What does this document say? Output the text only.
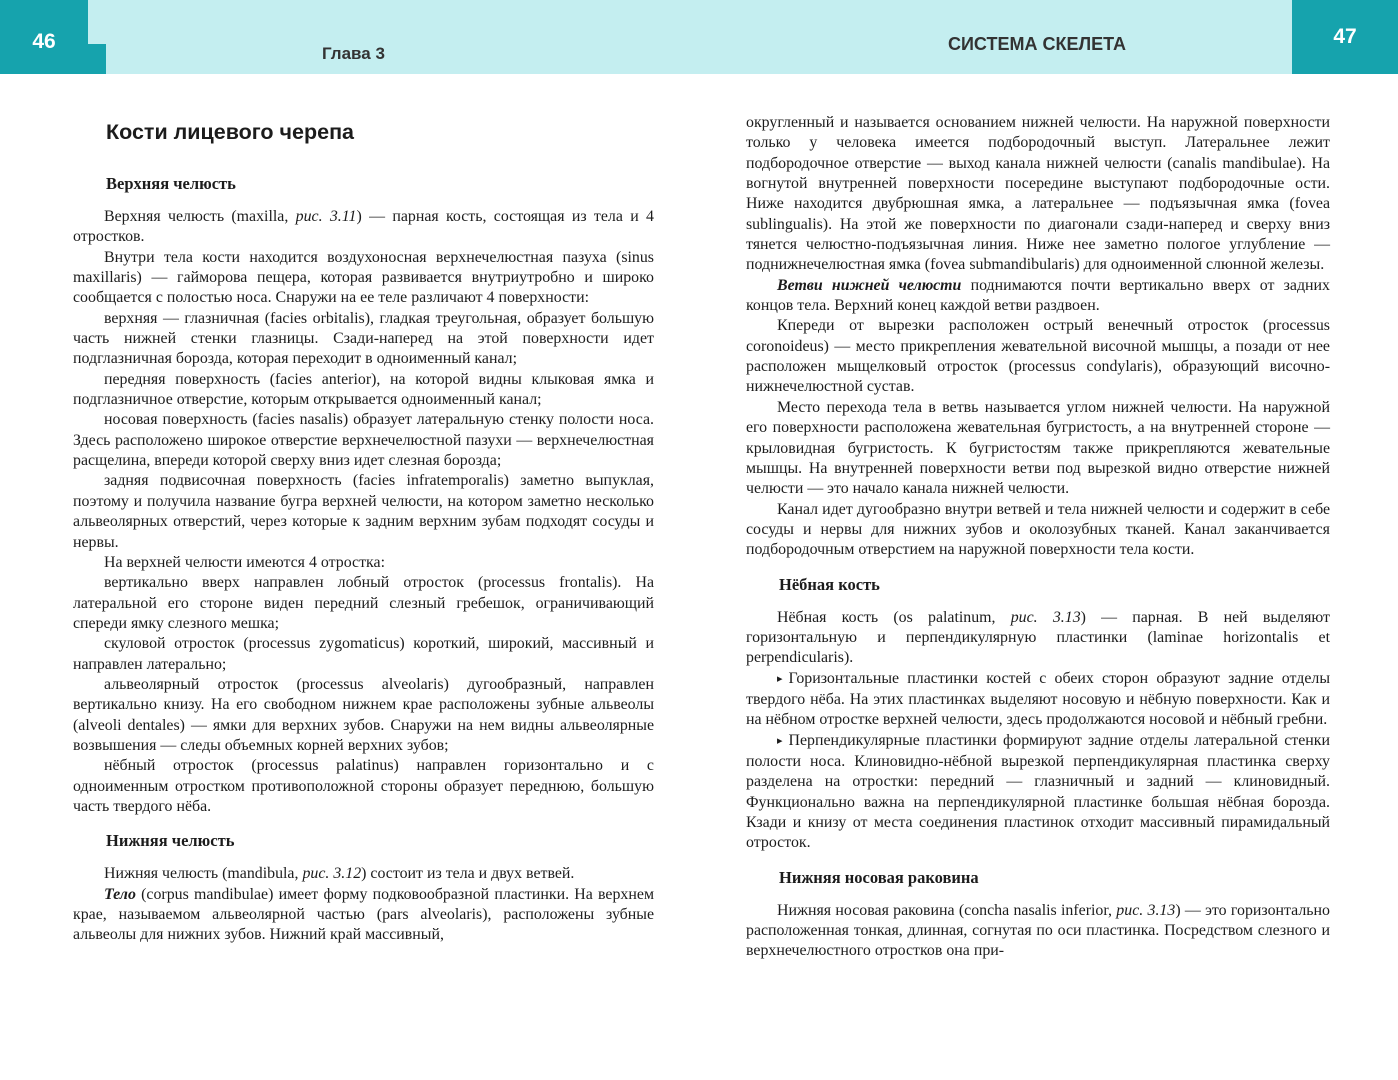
46
Глава 3	СИСТЕМА СКЕЛЕТА	47
Кости лицевого черепа
Верхняя челюсть

Верхняя челюсть (maxilla, рис. 3.11) — парная кость, состоящая из тела и 4 отростков.

Внутри тела кости находится воздухоносная верхнечелюстная пазуха (sinus maxillaris) — гайморова пещера, которая развивается внутриутробно и широко сообщается с полостью носа. Снаружи на ее теле различают 4 поверхности:

верхняя — глазничная (facies orbitalis), гладкая треугольная, образует большую часть нижней стенки глазницы. Сзади-наперед на этой поверхности идет подглазничная борозда, которая переходит в одноименный канал;

передняя поверхность (facies anterior), на которой видны клыковая ямка и подглазничное отверстие, которым открывается одноименный канал;

носовая поверхность (facies nasalis) образует латеральную стенку полости носа. Здесь расположено широкое отверстие верхнечелюстной пазухи — верхнечелюстная расщелина, впереди которой сверху вниз идет слезная борозда;

задняя подвисочная поверхность (facies infratemporalis) заметно выпуклая, поэтому и получила название бугра верхней челюсти, на котором заметно несколько альвеолярных отверстий, через которые к задним верхним зубам подходят сосуды и нервы.

На верхней челюсти имеются 4 отростка:

вертикально вверх направлен лобный отросток (processus frontalis). На латеральной его стороне виден передний слезный гребешок, ограничивающий спереди ямку слезного мешка;

скуловой отросток (processus zygomaticus) короткий, широкий, массивный и направлен латерально;

альвеолярный отросток (processus alveolaris) дугообразный, направлен вертикально книзу. На его свободном нижнем крае расположены зубные альвеолы (alveoli dentales) — ямки для верхних зубов. Снаружи на нем видны альвеолярные возвышения — следы объемных корней верхних зубов;

нёбный отросток (processus palatinus) направлен горизонтально и с одноименным отростком противоположной стороны образует переднюю, большую часть твердого нёба.

Нижняя челюсть

Нижняя челюсть (mandibula, рис. 3.12) состоит из тела и двух ветвей.

Тело (corpus mandibulae) имеет форму подковообразной пластинки. На верхнем крае, называемом альвеолярной частью (pars alveolaris), расположены зубные альвеолы для нижних зубов. Нижний край массивный,

округленный и называется основанием нижней челюсти. На наружной поверхности только у человека имеется подбородочный выступ. Латеральнее лежит подбородочное отверстие — выход канала нижней челюсти (canalis mandibulae). На вогнутой внутренней поверхности посередине выступают подбородочные ости. Ниже находится двубрюшная ямка, а латеральнее — подъязычная ямка (fovea sublingualis). На этой же поверхности по диагонали сзади-наперед и сверху вниз тянется челюстно-подъязычная линия. Ниже нее заметно пологое углубление — поднижнечелюстная ямка (fovea submandibularis) для одноименной слюнной железы.

Ветви нижней челюсти поднимаются почти вертикально вверх от задних концов тела. Верхний конец каждой ветви раздвоен.

Кпереди от вырезки расположен острый венечный отросток (processus coronoideus) — место прикрепления жевательной височной мышцы, а позади от нее расположен мыщелковый отросток (processus condylaris), образующий височно-нижнечелюстной сустав.

Место перехода тела в ветвь называется углом нижней челюсти. На наружной его поверхности расположена жевательная бугристость, а на внутренней стороне — крыловидная бугристость. К бугристостям также прикрепляются жевательные мышцы. На внутренней поверхности ветви под вырезкой видно отверстие нижней челюсти — это начало канала нижней челюсти.

Канал идет дугообразно внутри ветвей и тела нижней челюсти и содержит в себе сосуды и нервы для нижних зубов и околозубных тканей. Канал заканчивается подбородочным отверстием на наружной поверхности тела кости.

Нёбная кость

Нёбная кость (os palatinum, рис. 3.13) — парная. В ней выделяют горизонтальную и перпендикулярную пластинки (laminae horizontalis et perpendicularis).

▸ Горизонтальные пластинки костей с обеих сторон образуют задние отделы твердого нёба. На этих пластинках выделяют носовую и нёбную поверхности. Как и на нёбном отростке верхней челюсти, здесь продолжаются носовой и нёбный гребни.

▸ Перпендикулярные пластинки формируют задние отделы латеральной стенки полости носа. Клиновидно-нёбной вырезкой перпендикулярная пластинка сверху разделена на отростки: передний — глазничный и задний — клиновидный. Функционально важна на перпендикулярной пластинке большая нёбная борозда. Кзади и книзу от места соединения пластинок отходит массивный пирамидальный отросток.

Нижняя носовая раковина

Нижняя носовая раковина (concha nasalis inferior, рис. 3.13) — это горизонтально расположенная тонкая, длинная, согнутая по оси пластинка. Посредством слезного и верхнечелюстного отростков она при-
